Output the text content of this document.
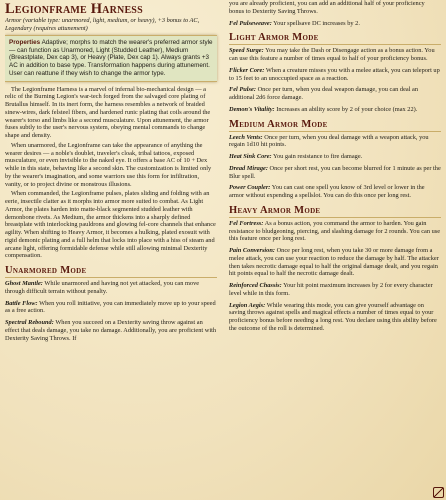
Legionframe Harness
Armor (variable type: unarmored, light, medium, or heavy), +3 bonus to AC, Legendary (requires attunement)
Properties Adaptive; morphs to match the wearer's preferred armor style — can function as Unarmored, Light (Studded Leather), Medium (Breastplate, Dex cap 3), or Heavy (Plate, Dex cap 1). Always grants +3 AC in addition to base type. Transformation happens during attunement. User can reattune if they wish to change the armor type.

The Legionframe Harness is a marvel of infernal bio-mechanical design — a relic of the Burning Legion's war-tech forged from the salvaged core plating of Brutallus himself. In its inert form, the harness resembles a network of braided sinew-wires, dark felsteel fibers, and hardened runic plating that coils around the wearer's torso and limbs like a second musculature. Upon attunement, the armor fuses subtly to the user's nervous system, obeying mental commands to change shape and density.

When unarmored, the Legionframe can take the appearance of anything the wearer desires — a noble's doublet, traveler's cloak, tribal tattoos, exposed musculature, or even invisible to the naked eye. It offers a base AC of 10 + Dex while in this state, behaving like a second skin. The customization is limited only by the wearer's imagination, and some warriors use this form for infiltration, vanity, or to project divine or monstrous illusions.

When commanded, the Legionframe pulses, plates sliding and folding with an eerie, insectile clatter as it morphs into armor more suited to combat. As Light Armor, the plates harden into matte-black segmented studded leather with demonbone rivets. As Medium, the armor thickens into a sharply defined breastplate with interlocking pauldrons and glowing fel-core channels that enhance agility. When shifting to Heavy Armor, it becomes a hulking, plated exosuit with rigid demonic plating and a full helm that locks into place with a hiss of steam and arcane light, offering formidable defense while still allowing minimal Dexterity compensation.

Unarmored Mode
Ghost Mantle: While unarmored and having not yet attacked, you can move through difficult terrain without penalty.
Battle Flow: When you roll initiative, you can immediately move up to your speed as a free action.
Spectral Rebound: When you succeed on a Dexterity saving throw against an effect that deals damage, you take no damage. Additionally, you are proficient with Dexterity Saving Throws. If
you are already proficient, you can add an additional half of your proficiency bonus to Dexterity Saving Throws.
Fel Pulseweave: Your spellsave DC increases by 2.
Light Armor Mode
Speed Surge: You may take the Dash or Disengage action as a bonus action. You can use this feature a number of times equal to half of your proficiency bonus.
Flicker Core: When a creature misses you with a melee attack, you can teleport up to 15 feet to an unoccupied space as a reaction.
Fel Pulse: Once per turn, when you deal weapon damage, you can deal an additional 2d6 force damage.
Demon's Vitality: Increases an ability score by 2 of your choice (max 22).
Medium Armor Mode
Leech Vents: Once per turn, when you deal damage with a weapon attack, you regain 1d10 hit points.
Heat Sink Core: You gain resistance to fire damage.
Dread Mirage: Once per short rest, you can become blurred for 1 minute as per the Blur spell.
Power Coupler: You can cast one spell you know of 3rd level or lower in the armor without expending a spellslot. You can do this once per long rest.
Heavy Armor Mode
Fel Fortress: As a bonus action, you command the armor to harden. You gain resistance to bludgeoning, piercing, and slashing damage for 2 rounds. You can use this feature once per long rest.
Pain Conversion: Once per long rest, when you take 30 or more damage from a melee attack, you can use your reaction to reduce the damage by half. The attacker then takes necrotic damage equal to half the original damage dealt, and you regain hit points equal to half the necrotic damage dealt.
Reinforced Chassis: Your hit point maximum increases by 2 for every character level while in this form.
Legion Aegis: While wearing this mode, you can give yourself advantage on saving throws against spells and magical effects a number of times equal to your proficiency bonus before needing a long rest. You declare using this ability before the outcome of the roll is determined.
